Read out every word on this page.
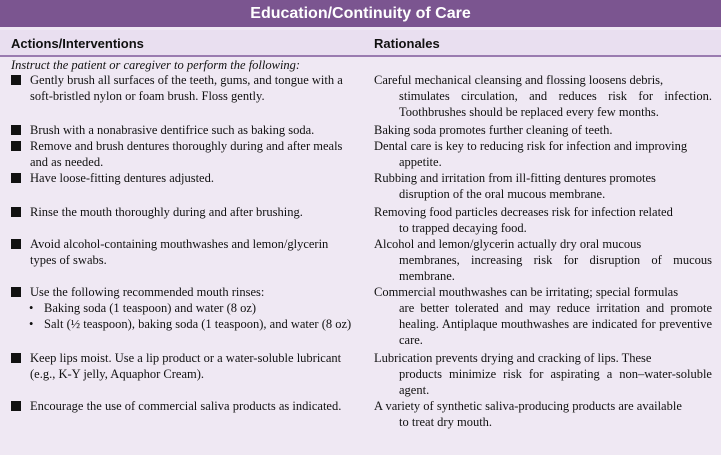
Education/Continuity of Care
Actions/Interventions	Rationales
Instruct the patient or caregiver to perform the following:
Gently brush all surfaces of the teeth, gums, and tongue with a soft-bristled nylon or foam brush. Floss gently.
Brush with a nonabrasive dentifrice such as baking soda.
Remove and brush dentures thoroughly during and after meals and as needed.
Have loose-fitting dentures adjusted.
Rinse the mouth thoroughly during and after brushing.
Avoid alcohol-containing mouthwashes and lemon/glycerin types of swabs.
Use the following recommended mouth rinses:
• Baking soda (1 teaspoon) and water (8 oz)
• Salt (½ teaspoon), baking soda (1 teaspoon), and water (8 oz)
Keep lips moist. Use a lip product or a water-soluble lubricant (e.g., K-Y jelly, Aquaphor Cream).
Encourage the use of commercial saliva products as indicated.
Careful mechanical cleansing and flossing loosens debris,
stimulates circulation, and reduces risk for infection. Toothbrushes should be replaced every few months.
Baking soda promotes further cleaning of teeth.
Dental care is key to reducing risk for infection and improving
appetite.
Rubbing and irritation from ill-fitting dentures promotes
disruption of the oral mucous membrane.
Removing food particles decreases risk for infection related
to trapped decaying food.
Alcohol and lemon/glycerin actually dry oral mucous
membranes, increasing risk for disruption of mucous membrane.
Commercial mouthwashes can be irritating; special formulas
are better tolerated and may reduce irritation and promote healing. Antiplaque mouthwashes are indicated for preventive care.
Lubrication prevents drying and cracking of lips. These
products minimize risk for aspirating a non–water-soluble agent.
A variety of synthetic saliva-producing products are available
to treat dry mouth.
